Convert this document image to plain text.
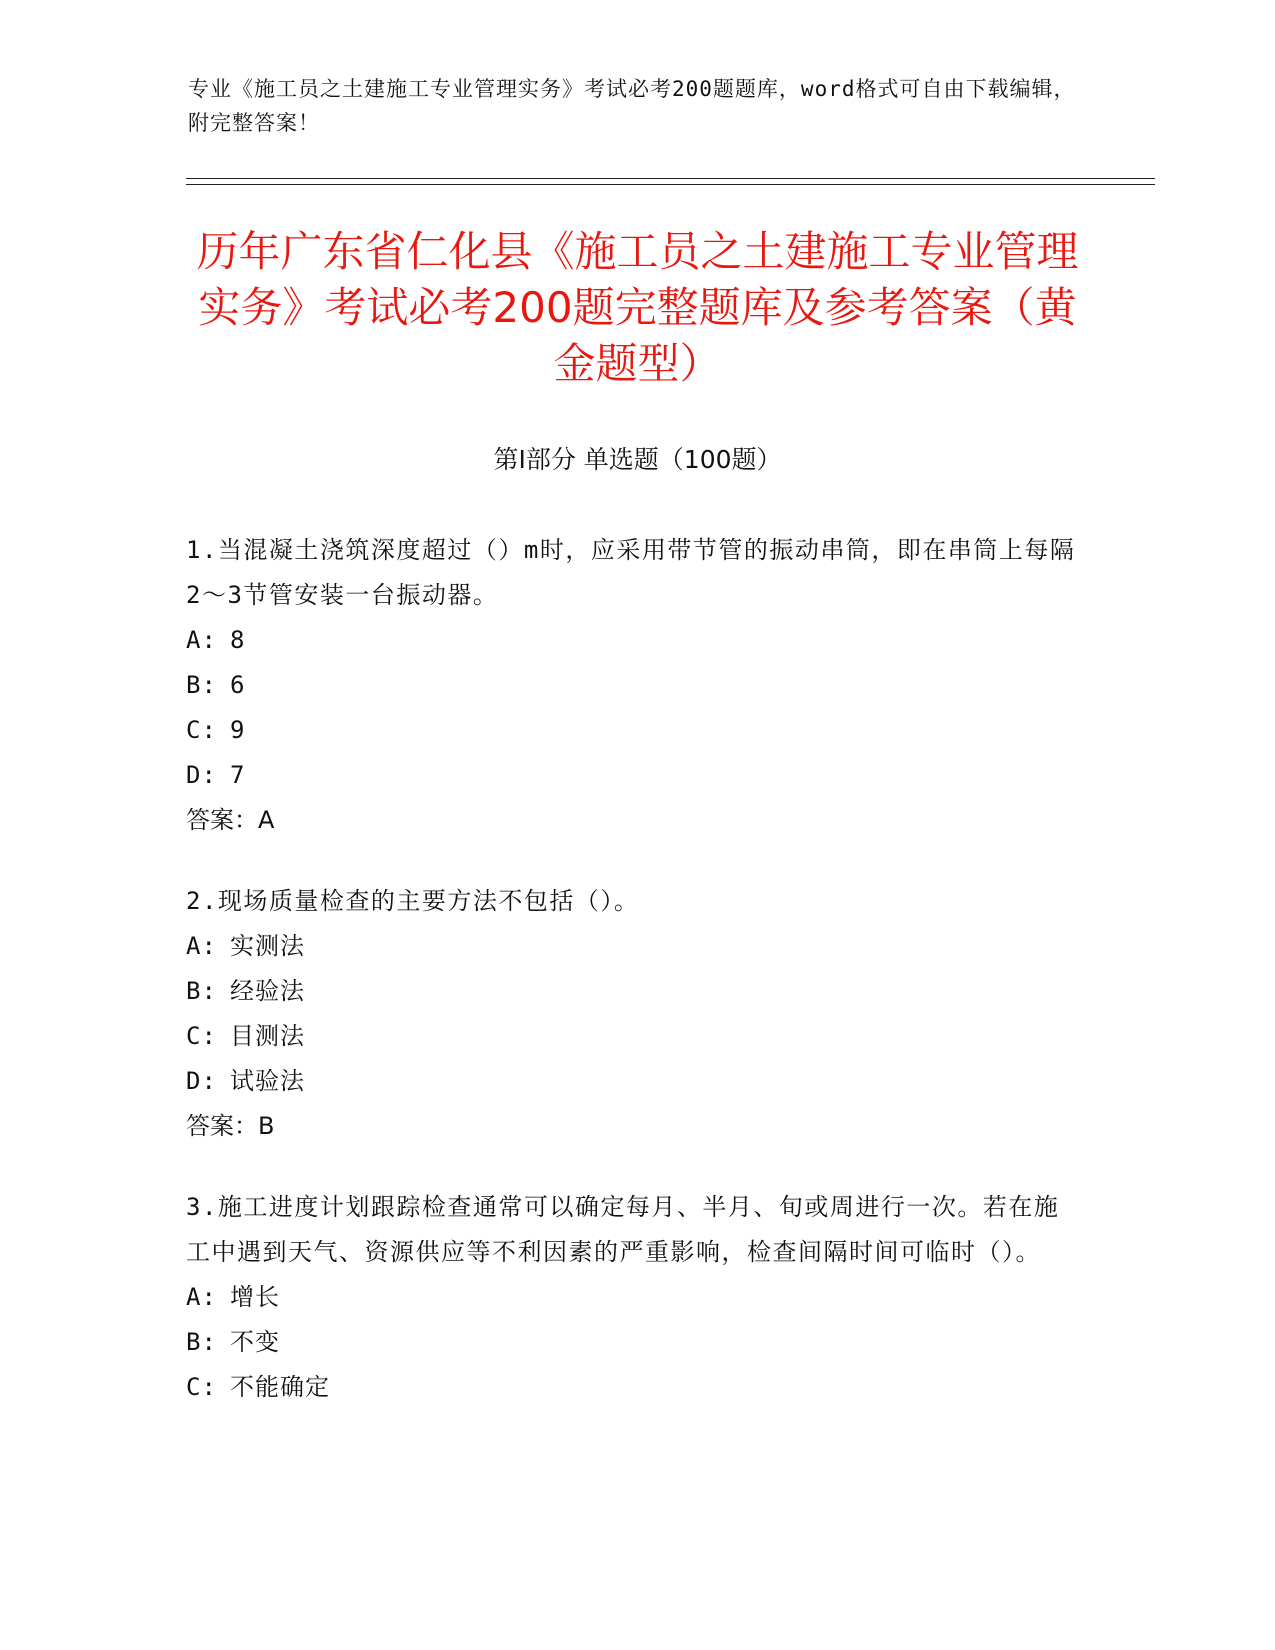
专业《施工员之土建施工专业管理实务》考试必考200题题库，word格式可自由下载编辑，附完整答案！
历年广东省仁化县《施工员之土建施工专业管理实务》考试必考200题完整题库及参考答案（黄金题型）
第Ⅰ部分 单选题（100题）
1.当混凝土浇筑深度超过（）m时，应采用带节管的振动串筒，即在串筒上每隔2～3节管安装一台振动器。
A: 8
B: 6
C: 9
D: 7
答案：A
2.现场质量检查的主要方法不包括（）。
A: 实测法
B: 经验法
C: 目测法
D: 试验法
答案：B
3.施工进度计划跟踪检查通常可以确定每月、半月、旬或周进行一次。若在施工中遇到天气、资源供应等不利因素的严重影响，检查间隔时间可临时（）。
A: 增长
B: 不变
C: 不能确定
